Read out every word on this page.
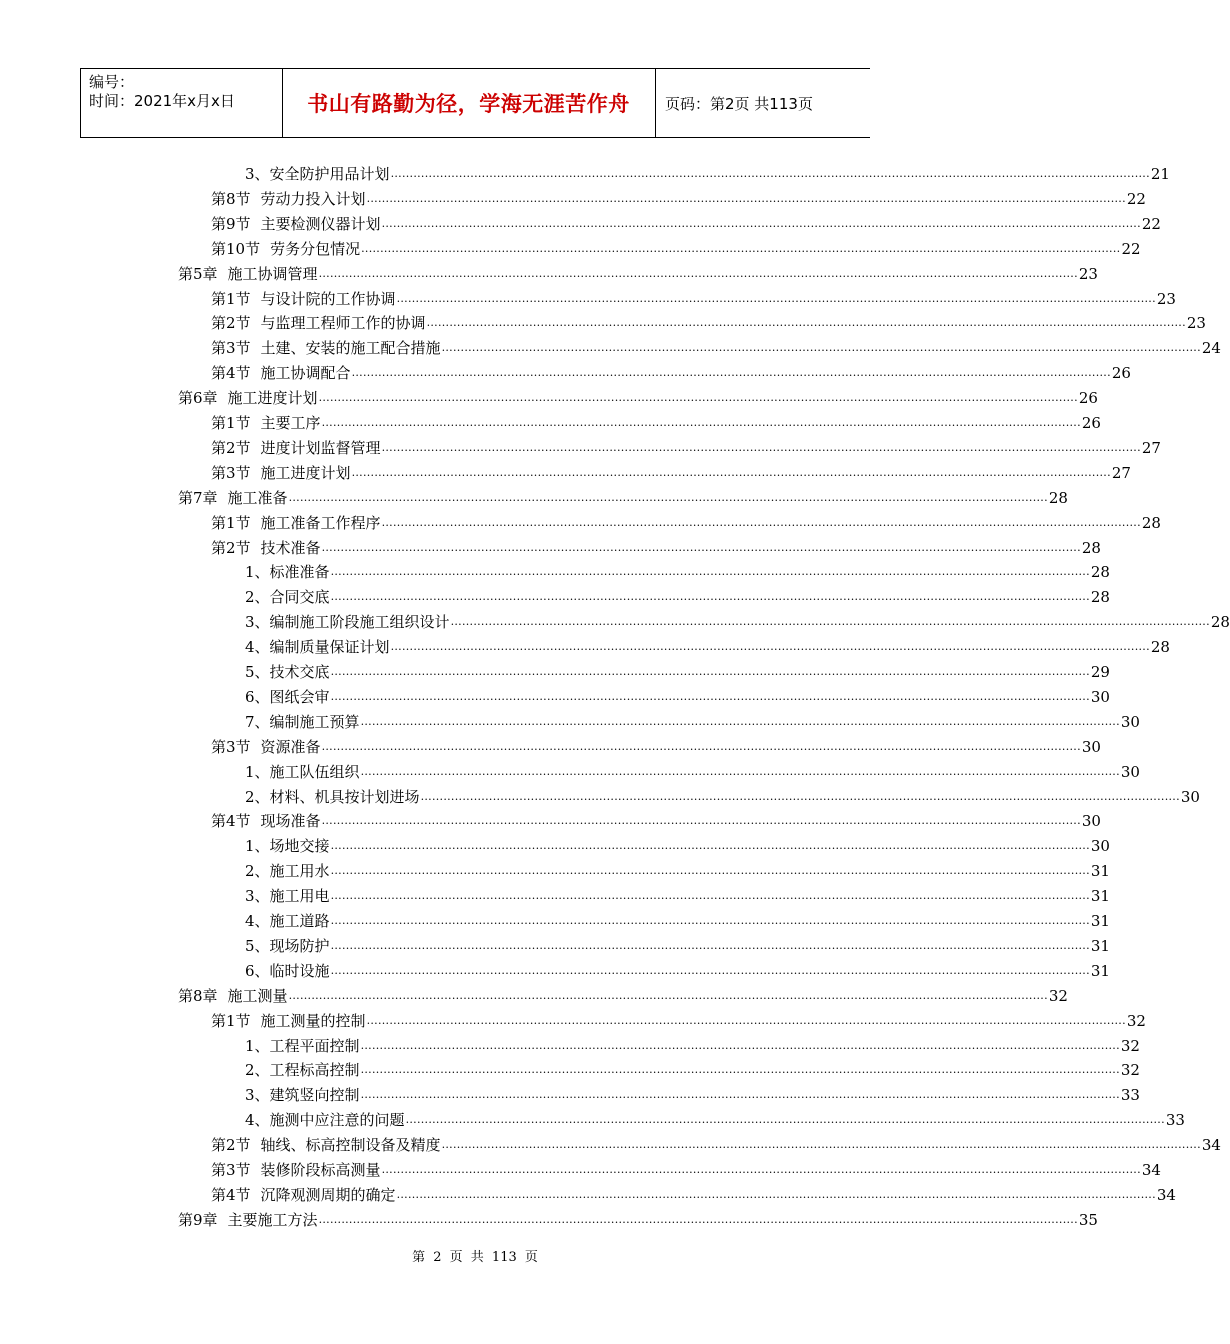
编号：
时间：2021年x月x日	书山有路勤为径，学海无涯苦作舟	页码：第2页 共113页
3、 安全防护用品计划 ........................................................................................................................................................................................................ 21
第8节 劳动力投入计划 ........................................................................................................................................................................................................ 22
第9节 主要检测仪器计划 ........................................................................................................................................................................................................ 22
第10节 劳务分包情况 ........................................................................................................................................................................................................ 22
第5章 施工协调管理 ........................................................................................................................................................................................................ 23
第1节 与设计院的工作协调 ........................................................................................................................................................................................................ 23
第2节 与监理工程师工作的协调 ........................................................................................................................................................................................................ 23
第3节 土建、安装的施工配合措施 ........................................................................................................................................................................................................ 24
第4节 施工协调配合 ........................................................................................................................................................................................................ 26
第6章 施工进度计划 ........................................................................................................................................................................................................ 26
第1节 主要工序 ........................................................................................................................................................................................................ 26
第2节 进度计划监督管理 ........................................................................................................................................................................................................ 27
第3节 施工进度计划 ........................................................................................................................................................................................................ 27
第7章 施工准备 ........................................................................................................................................................................................................ 28
第1节 施工准备工作程序 ........................................................................................................................................................................................................ 28
第2节 技术准备 ........................................................................................................................................................................................................ 28
1、 标准准备 ........................................................................................................................................................................................................ 28
2、 合同交底 ........................................................................................................................................................................................................ 28
3、 编制施工阶段施工组织设计 ........................................................................................................................................................................................................ 28
4、 编制质量保证计划 ........................................................................................................................................................................................................ 28
5、 技术交底 ........................................................................................................................................................................................................ 29
6、 图纸会审 ........................................................................................................................................................................................................ 30
7、 编制施工预算 ........................................................................................................................................................................................................ 30
第3节 资源准备 ........................................................................................................................................................................................................ 30
1、 施工队伍组织 ........................................................................................................................................................................................................ 30
2、 材料、机具按计划进场 ........................................................................................................................................................................................................ 30
第4节 现场准备 ........................................................................................................................................................................................................ 30
1、 场地交接 ........................................................................................................................................................................................................ 30
2、 施工用水 ........................................................................................................................................................................................................ 31
3、 施工用电 ........................................................................................................................................................................................................ 31
4、 施工道路 ........................................................................................................................................................................................................ 31
5、 现场防护 ........................................................................................................................................................................................................ 31
6、 临时设施 ........................................................................................................................................................................................................ 31
第8章 施工测量 ........................................................................................................................................................................................................ 32
第1节 施工测量的控制 ........................................................................................................................................................................................................ 32
1、 工程平面控制 ........................................................................................................................................................................................................ 32
2、 工程标高控制 ........................................................................................................................................................................................................ 32
3、 建筑竖向控制 ........................................................................................................................................................................................................ 33
4、 施测中应注意的问题 ........................................................................................................................................................................................................ 33
第2节 轴线、标高控制设备及精度 ........................................................................................................................................................................................................ 34
第3节 装修阶段标高测量 ........................................................................................................................................................................................................ 34
第4节 沉降观测周期的确定 ........................................................................................................................................................................................................ 34
第9章 主要施工方法 ........................................................................................................................................................................................................ 35
第 2 页 共 113 页
